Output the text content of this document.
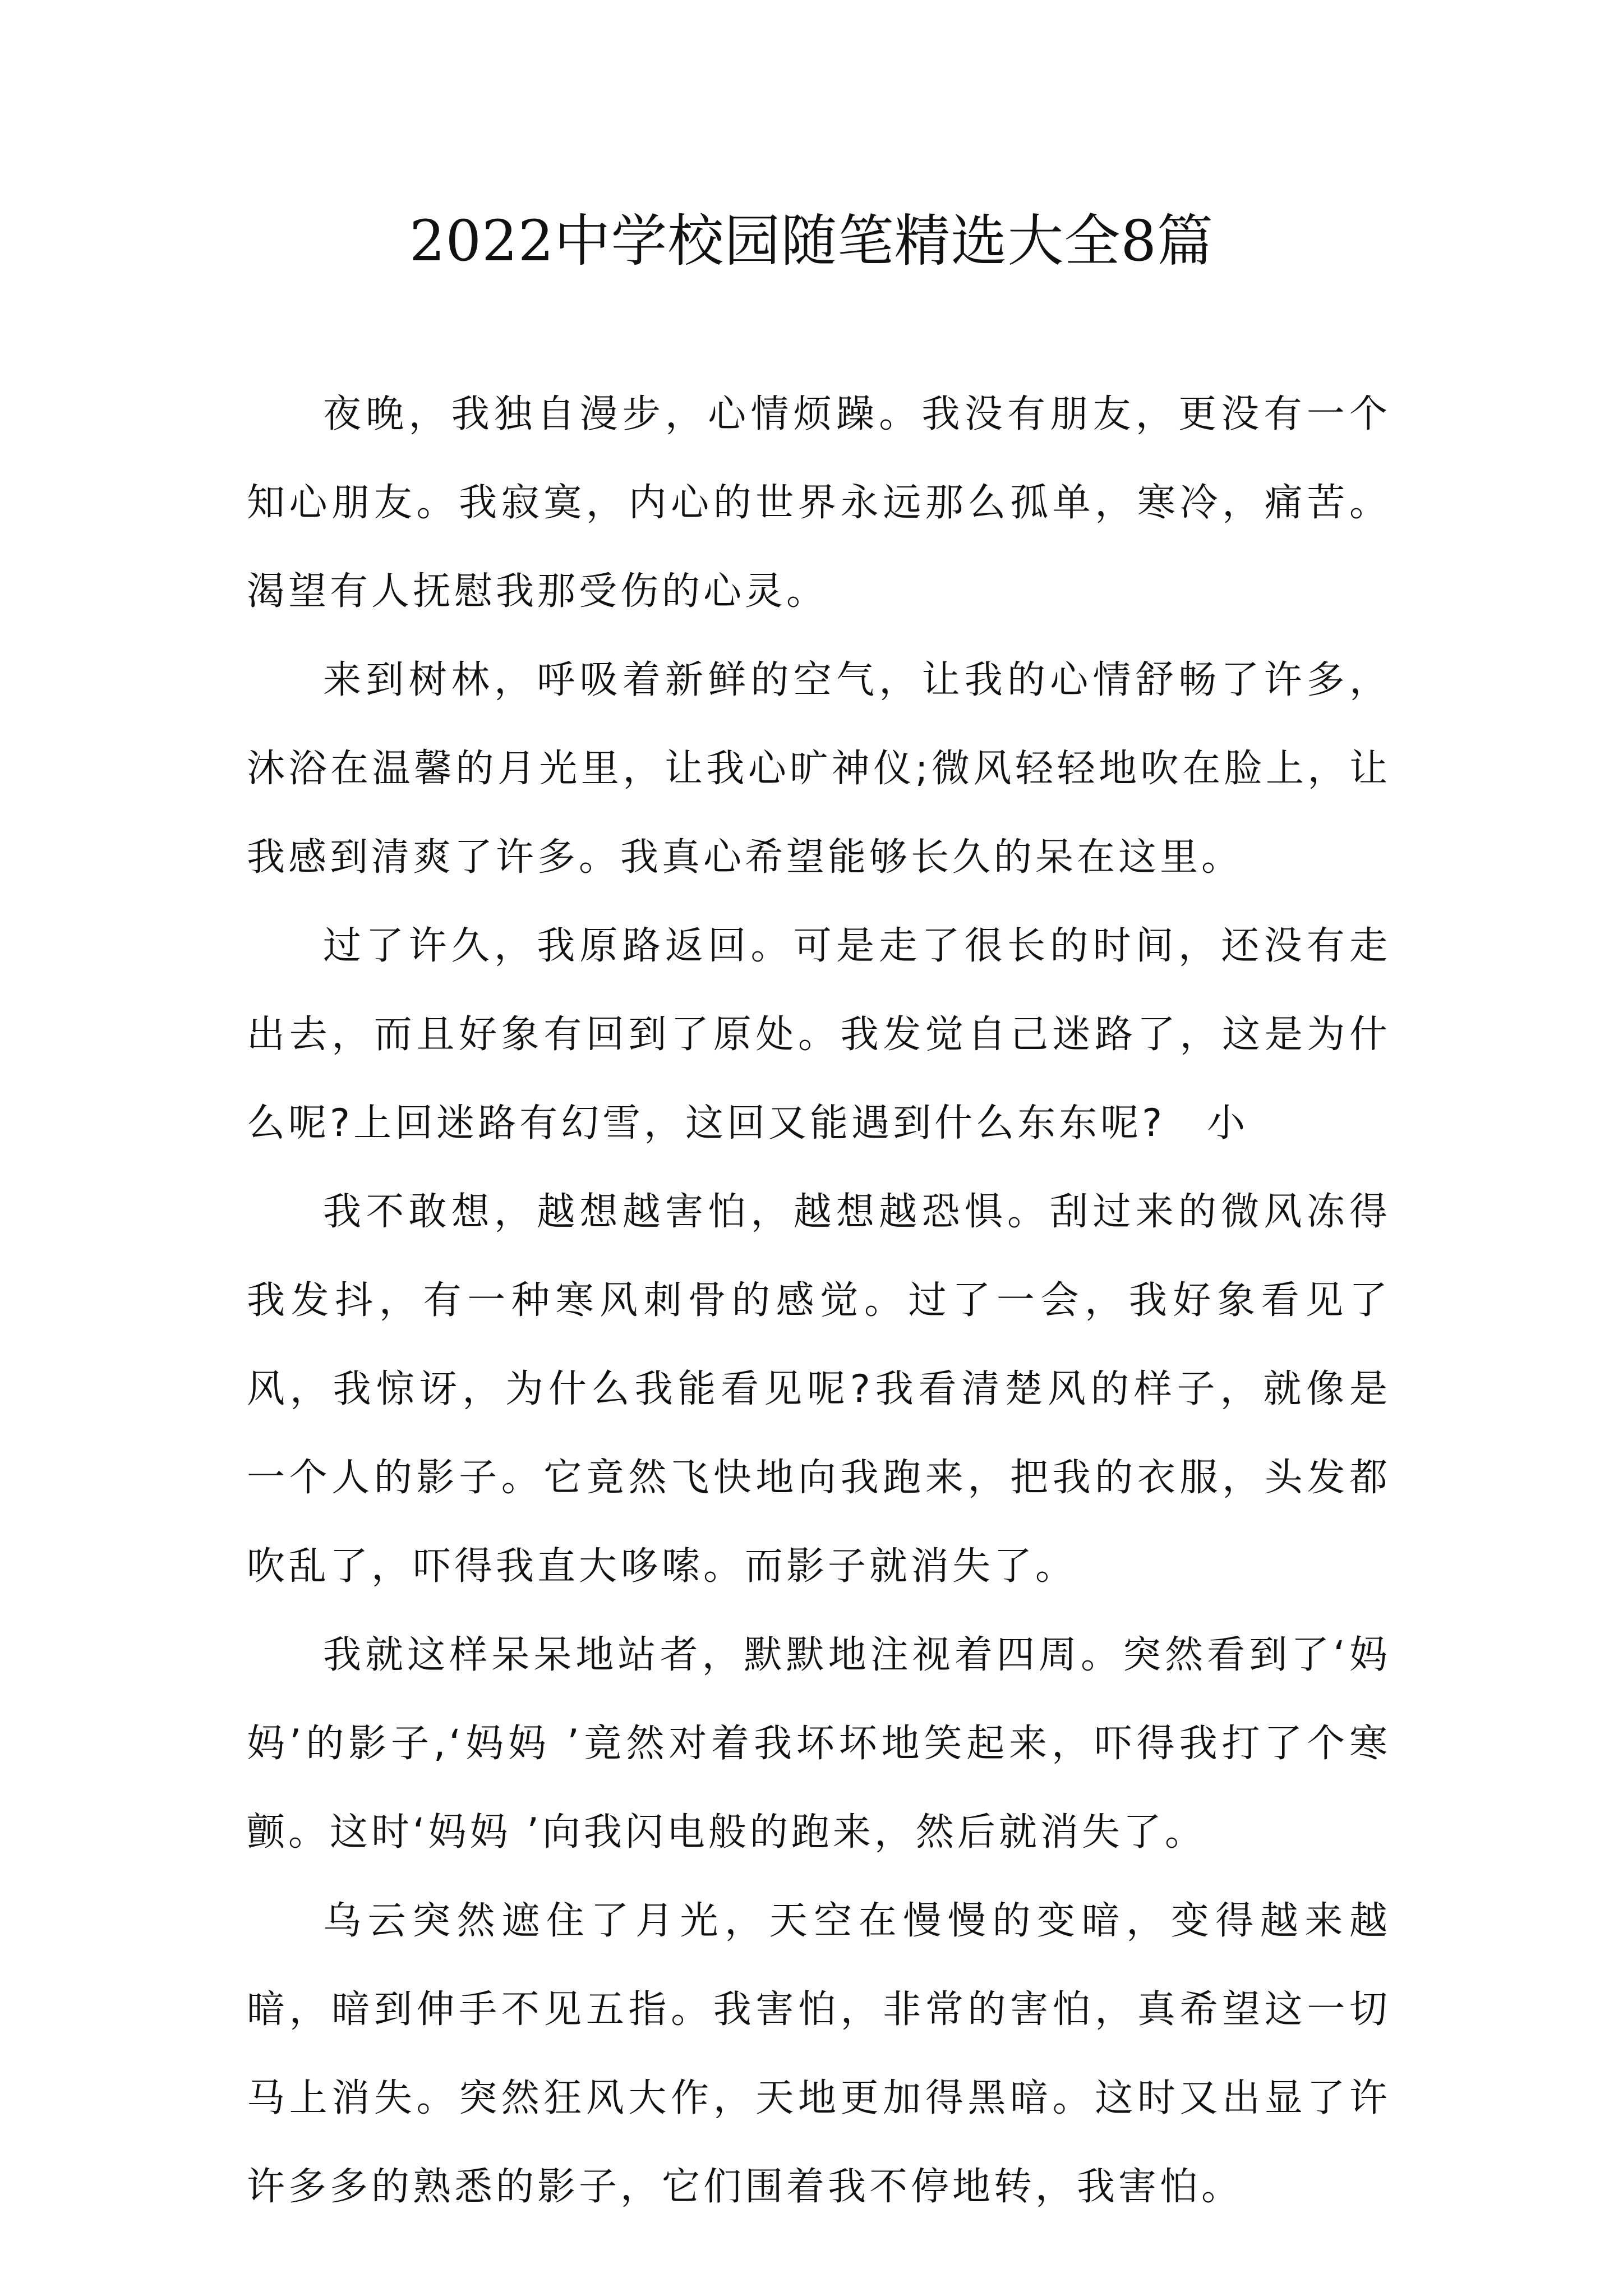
2022中学校园随笔精选大全8篇

夜晚，我独自漫步，心情烦躁。我没有朋友，更没有一个知心朋友。我寂寞，内心的世界永远那么孤单，寒冷，痛苦。渴望有人抚慰我那受伤的心灵。

来到树林，呼吸着新鲜的空气，让我的心情舒畅了许多，沐浴在温馨的月光里，让我心旷神仪;微风轻轻地吹在脸上，让我感到清爽了许多。我真心希望能够长久的呆在这里。

过了许久，我原路返回。可是走了很长的时间，还没有走出去，而且好象有回到了原处。我发觉自己迷路了，这是为什么呢?上回迷路有幻雪，这回又能遇到什么东东呢?　小

我不敢想，越想越害怕，越想越恐惧。刮过来的微风冻得我发抖，有一种寒风刺骨的感觉。过了一会，我好象看见了风，我惊讶，为什么我能看见呢?我看清楚风的样子，就像是一个人的影子。它竟然飞快地向我跑来，把我的衣服，头发都吹乱了，吓得我直大哆嗦。而影子就消失了。

我就这样呆呆地站者，默默地注视着四周。突然看到了‘妈妈’的影子,‘妈妈 ’竟然对着我坏坏地笑起来，吓得我打了个寒颤。这时‘妈妈 ’向我闪电般的跑来，然后就消失了。

乌云突然遮住了月光，天空在慢慢的变暗，变得越来越暗，暗到伸手不见五指。我害怕，非常的害怕，真希望这一切马上消失。突然狂风大作，天地更加得黑暗。这时又出显了许许多多的熟悉的影子，它们围着我不停地转，我害怕。
